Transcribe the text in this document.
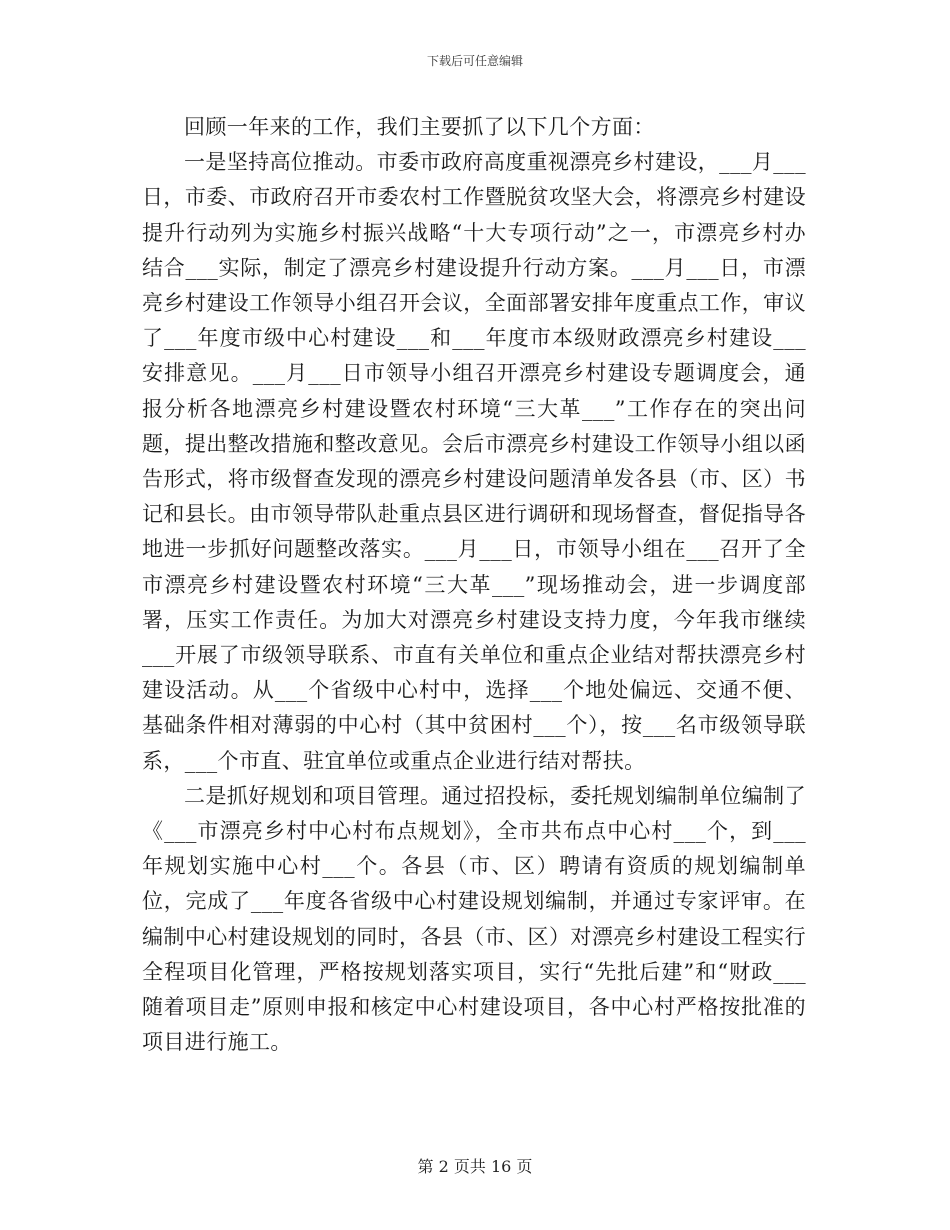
下载后可任意编辑

回顾一年来的工作，我们主要抓了以下几个方面：

一是坚持高位推动。市委市政府高度重视漂亮乡村建设，___月___日，市委、市政府召开市委农村工作暨脱贫攻坚大会，将漂亮乡村建设提升行动列为实施乡村振兴战略“十大专项行动”之一，市漂亮乡村办结合___实际，制定了漂亮乡村建设提升行动方案。___月___日，市漂亮乡村建设工作领导小组召开会议，全面部署安排年度重点工作，审议了___年度市级中心村建设___和___年度市本级财政漂亮乡村建设___安排意见。___月___日市领导小组召开漂亮乡村建设专题调度会，通报分析各地漂亮乡村建设暨农村环境“三大革___”工作存在的突出问题，提出整改措施和整改意见。会后市漂亮乡村建设工作领导小组以函告形式，将市级督查发现的漂亮乡村建设问题清单发各县（市、区）书记和县长。由市领导带队赴重点县区进行调研和现场督查，督促指导各地进一步抓好问题整改落实。___月___日，市领导小组在___召开了全市漂亮乡村建设暨农村环境“三大革___”现场推动会，进一步调度部署，压实工作责任。为加大对漂亮乡村建设支持力度，今年我市继续___开展了市级领导联系、市直有关单位和重点企业结对帮扶漂亮乡村建设活动。从___个省级中心村中，选择___个地处偏远、交通不便、基础条件相对薄弱的中心村（其中贫困村___个），按___名市级领导联系，___个市直、驻宜单位或重点企业进行结对帮扶。

二是抓好规划和项目管理。通过招投标，委托规划编制单位编制了《___市漂亮乡村中心村布点规划》，全市共布点中心村___个，到___年规划实施中心村___个。各县（市、区）聘请有资质的规划编制单位，完成了___年度各省级中心村建设规划编制，并通过专家评审。在编制中心村建设规划的同时，各县（市、区）对漂亮乡村建设工程实行全程项目化管理，严格按规划落实项目，实行“先批后建”和“财政___随着项目走”原则申报和核定中心村建设项目，各中心村严格按批准的项目进行施工。

第 2 页共 16 页
